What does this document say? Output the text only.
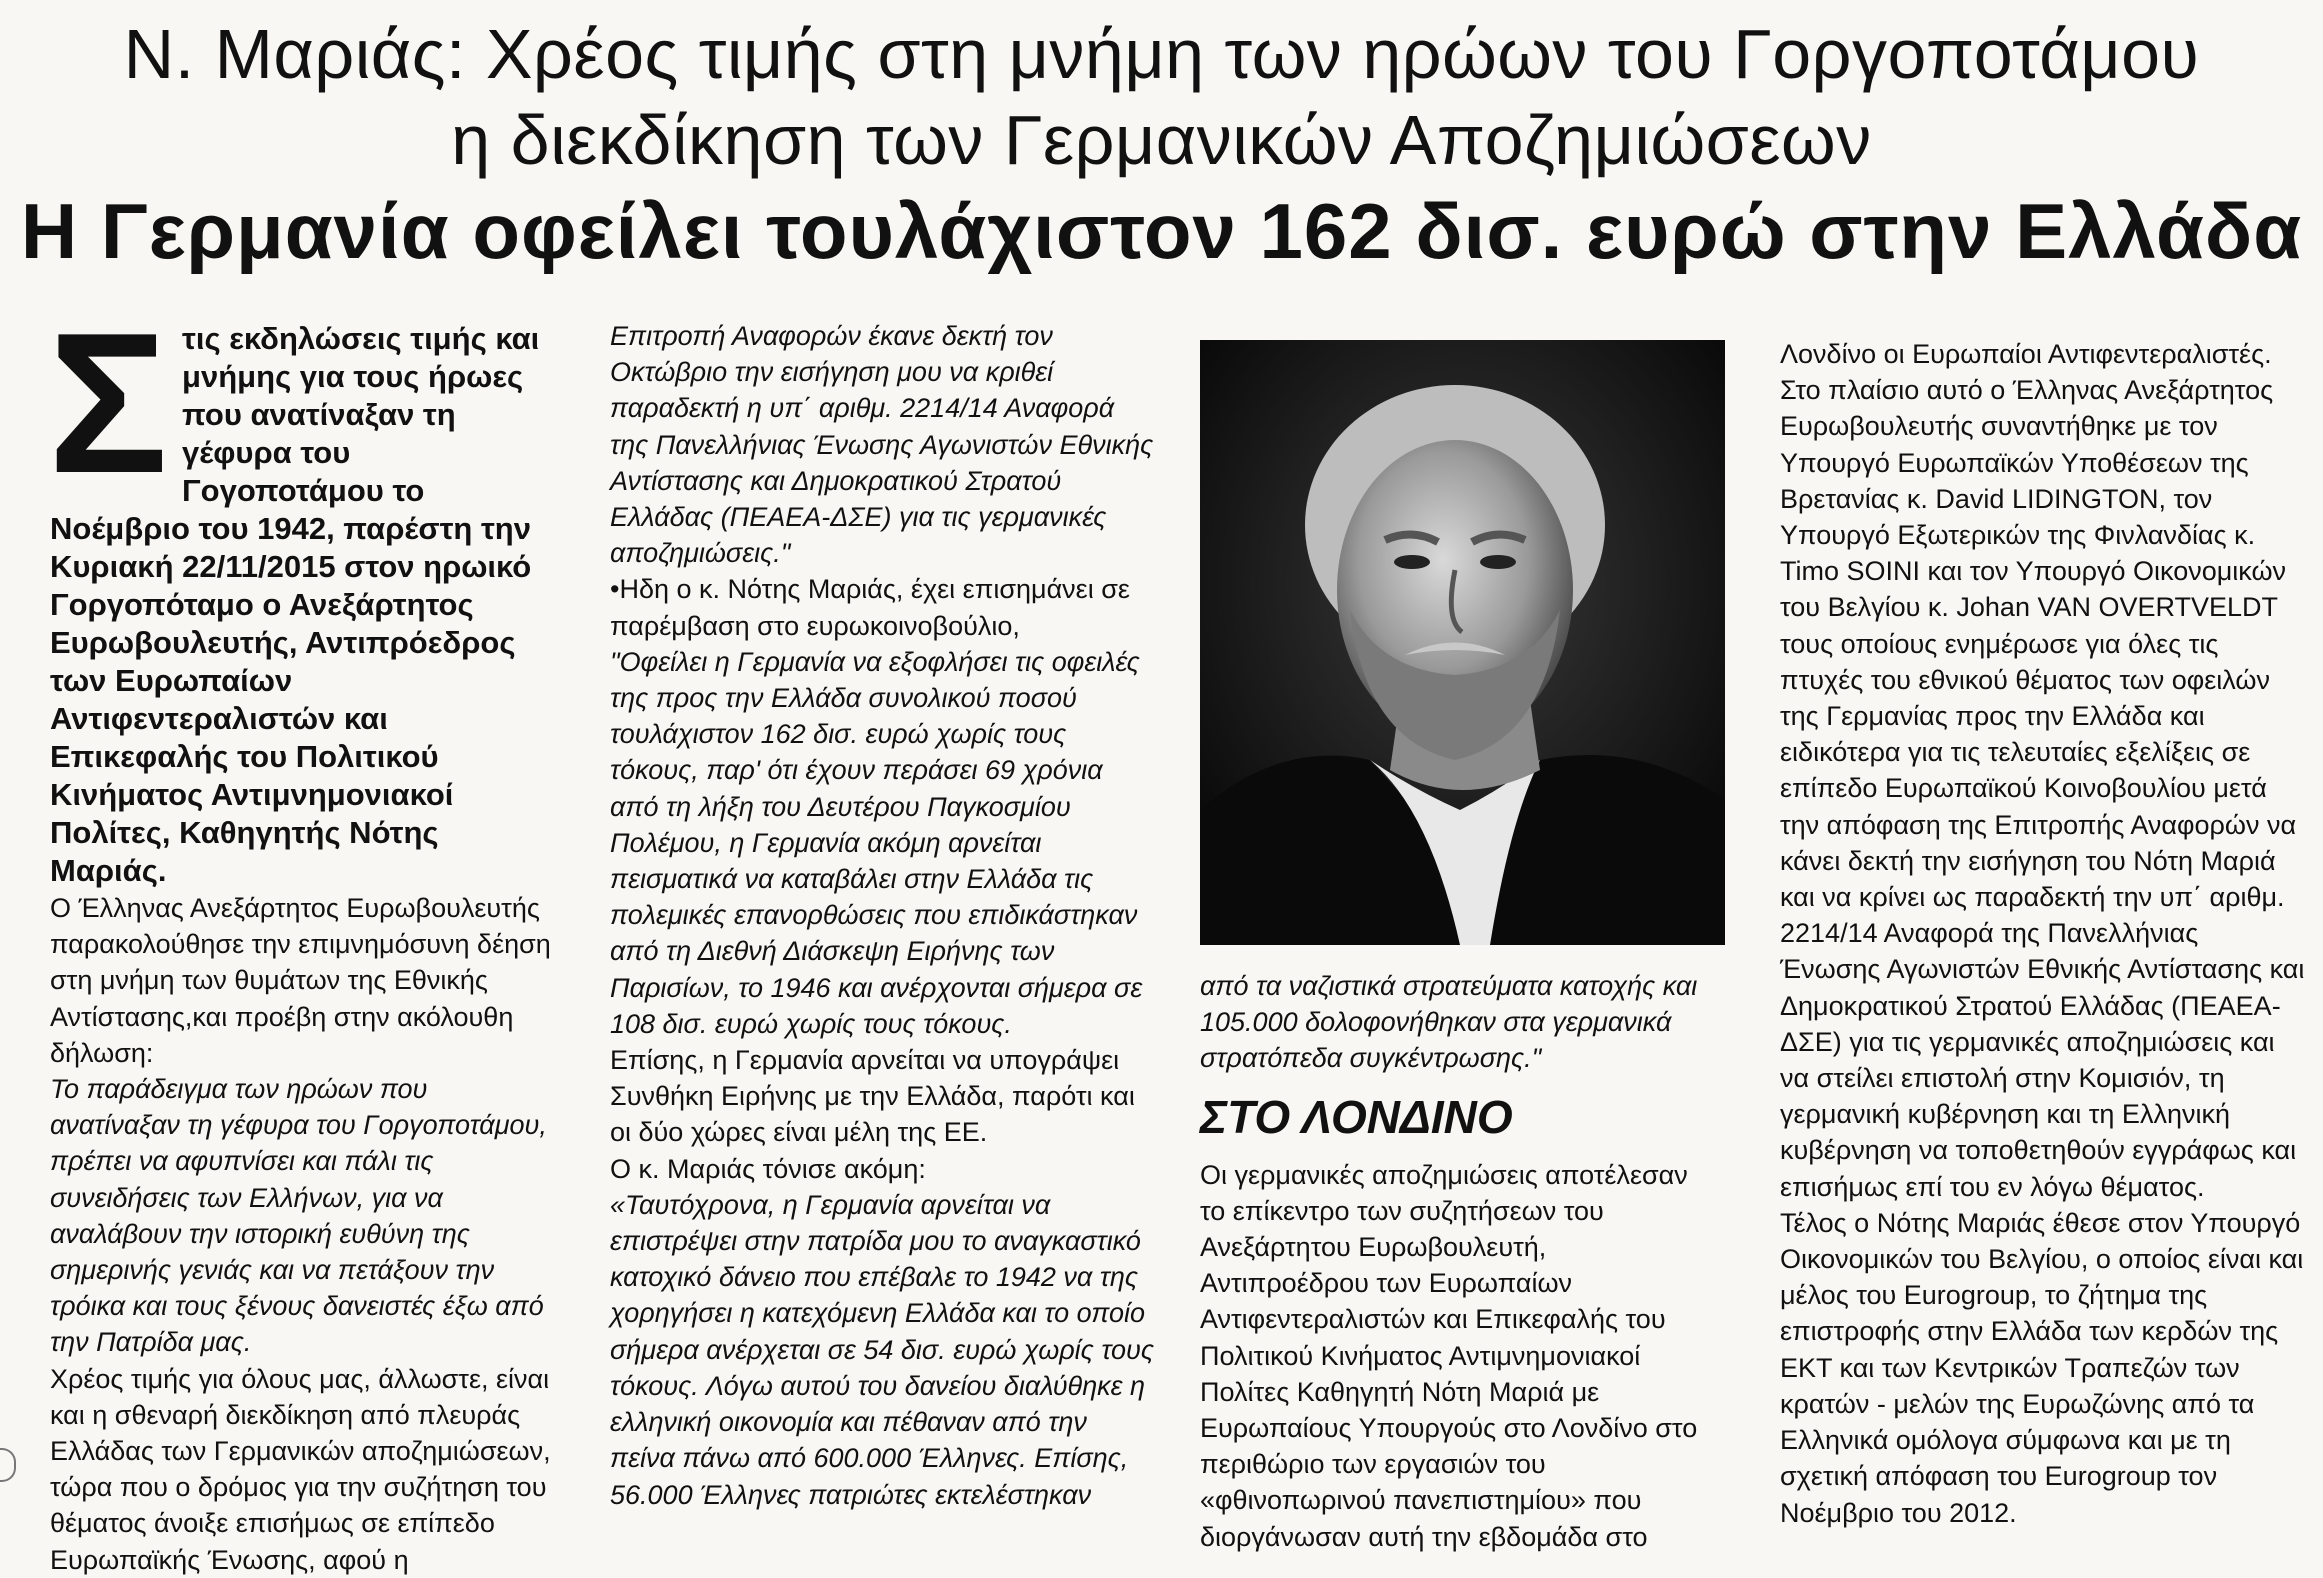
Ν. Μαριάς: Χρέος τιμής στη μνήμη των ηρώων του Γοργοποτάμου
η διεκδίκηση των Γερμανικών Αποζημιώσεων
Η Γερμανία οφείλει τουλάχιστον 162 δισ. ευρώ στην Ελλάδα

Στις εκδηλώσεις τιμής και μνήμης για τους ήρωες που ανατίναξαν τη γέφυρα του Γογοποτάμου το Νοέμβριο του 1942, παρέστη την Κυριακή 22/11/2015 στον ηρωικό Γοργοπόταμο ο Ανεξάρτητος Ευρωβουλευτής, Αντιπρόεδρος των Ευρωπαίων Αντιφεντεραλιστών και Επικεφαλής του Πολιτικού Κινήματος Αντιμνημονιακοί Πολίτες, Καθηγητής Νότης Μαριάς.

Ο Έλληνας Ανεξάρτητος Ευρωβουλευτής παρακολούθησε την επιμνημόσυνη δέηση στη μνήμη των θυμάτων της Εθνικής Αντίστασης,και προέβη στην ακόλουθη δήλωση:

Το παράδειγμα των ηρώων που ανατίναξαν τη γέφυρα του Γοργοποτάμου, πρέπει να αφυπνίσει και πάλι τις συνειδήσεις των Ελλήνων, για να αναλάβουν την ιστορική ευθύνη της σημερινής γενιάς και να πετάξουν την τρόικα και τους ξένους δανειστές έξω από την Πατρίδα μας.

Χρέος τιμής για όλους μας, άλλωστε, είναι και η σθεναρή διεκδίκηση από πλευράς Ελλάδας των Γερμανικών αποζημιώσεων, τώρα που ο δρόμος για την συζήτηση του θέματος άνοιξε επισήμως σε επίπεδο Ευρωπαϊκής Ένωσης, αφού η

Επιτροπή Αναφορών έκανε δεκτή τον Οκτώβριο την εισήγηση μου να κριθεί παραδεκτή η υπ΄ αριθμ. 2214/14 Αναφορά της Πανελλήνιας Ένωσης Αγωνιστών Εθνικής Αντίστασης και Δημοκρατικού Στρατού Ελλάδας (ΠΕΑΕΑ-ΔΣΕ) για τις γερμανικές αποζημιώσεις."

• Ηδη ο κ. Νότης Μαριάς, έχει επισημάνει σε παρέμβαση στο ευρωκοινοβούλιο,

"Οφείλει η Γερμανία να εξοφλήσει τις οφειλές της προς την Ελλάδα συνολικού ποσού τουλάχιστον 162 δισ. ευρώ χωρίς τους τόκους, παρ' ότι έχουν περάσει 69 χρόνια από τη λήξη του Δευτέρου Παγκοσμίου Πολέμου, η Γερμανία ακόμη αρνείται πεισματικά να καταβάλει στην Ελλάδα τις πολεμικές επανορθώσεις που επιδικάστηκαν από τη Διεθνή Διάσκεψη Ειρήνης των Παρισίων, το 1946 και ανέρχονται σήμερα σε 108 δισ. ευρώ χωρίς τους τόκους.

Επίσης, η Γερμανία αρνείται να υπογράψει Συνθήκη Ειρήνης με την Ελλάδα, παρότι και οι δύο χώρες είναι μέλη της ΕΕ.

Ο κ. Μαριάς τόνισε ακόμη:

«Ταυτόχρονα, η Γερμανία αρνείται να επιστρέψει στην πατρίδα μου το αναγκαστικό κατοχικό δάνειο που επέβαλε το 1942 να της χορηγήσει η κατεχόμενη Ελλάδα και το οποίο σήμερα ανέρχεται σε 54 δισ. ευρώ χωρίς τους τόκους. Λόγω αυτού του δανείου διαλύθηκε η ελληνική οικονομία και πέθαναν από την πείνα πάνω από 600.000 Έλληνες. Επίσης, 56.000 Έλληνες πατριώτες εκτελέστηκαν

από τα ναζιστικά στρατεύματα κατοχής και 105.000 δολοφονήθηκαν στα γερμανικά στρατόπεδα συγκέντρωσης."

ΣΤΟ ΛΟΝΔΙΝΟ

Οι γερμανικές αποζημιώσεις αποτέλεσαν το επίκεντρο των συζητήσεων του Ανεξάρτητου Ευρωβουλευτή, Αντιπροέδρου των Ευρωπαίων Αντιφεντεραλιστών και Επικεφαλής του Πολιτικού Κινήματος Αντιμνημονιακοί Πολίτες Καθηγητή Νότη Μαριά με Ευρωπαίους Υπουργούς στο Λονδίνο στο περιθώριο των εργασιών του «φθινοπωρινού πανεπιστημίου» που διοργάνωσαν αυτή την εβδομάδα στο

Λονδίνο οι Ευρωπαίοι Αντιφεντεραλιστές. Στο πλαίσιο αυτό ο Έλληνας Ανεξάρτητος Ευρωβουλευτής συναντήθηκε με τον Υπουργό Ευρωπαϊκών Υποθέσεων της Βρετανίας κ. David LIDINGTON, τον Υπουργό Εξωτερικών της Φινλανδίας κ. Timo SOINI και τον Υπουργό Οικονομικών του Βελγίου κ. Johan VAN OVERTVELDT τους οποίους ενημέρωσε για όλες τις πτυχές του εθνικού θέματος των οφειλών της Γερμανίας προς την Ελλάδα και ειδικότερα για τις τελευταίες εξελίξεις σε επίπεδο Ευρωπαϊκού Κοινοβουλίου μετά την απόφαση της Επιτροπής Αναφορών να κάνει δεκτή την εισήγηση του Νότη Μαριά και να κρίνει ως παραδεκτή την υπ΄ αριθμ. 2214/14 Αναφορά της Πανελλήνιας Ένωσης Αγωνιστών Εθνικής Αντίστασης και Δημοκρατικού Στρατού Ελλάδας (ΠΕΑΕΑ-ΔΣΕ) για τις γερμανικές αποζημιώσεις και να στείλει επιστολή στην Κομισιόν, τη γερμανική κυβέρνηση και τη Ελληνική κυβέρνηση να τοποθετηθούν εγγράφως και επισήμως επί του εν λόγω θέματος.

Τέλος ο Νότης Μαριάς έθεσε στον Υπουργό Οικονομικών του Βελγίου, ο οποίος είναι και μέλος του Eurogroup, το ζήτημα της επιστροφής στην Ελλάδα των κερδών της ΕΚΤ και των Κεντρικών Τραπεζών των κρατών - μελών της Ευρωζώνης από τα Ελληνικά ομόλογα σύμφωνα και με τη σχετική απόφαση του Eurogroup τον Νοέμβριο του 2012.
